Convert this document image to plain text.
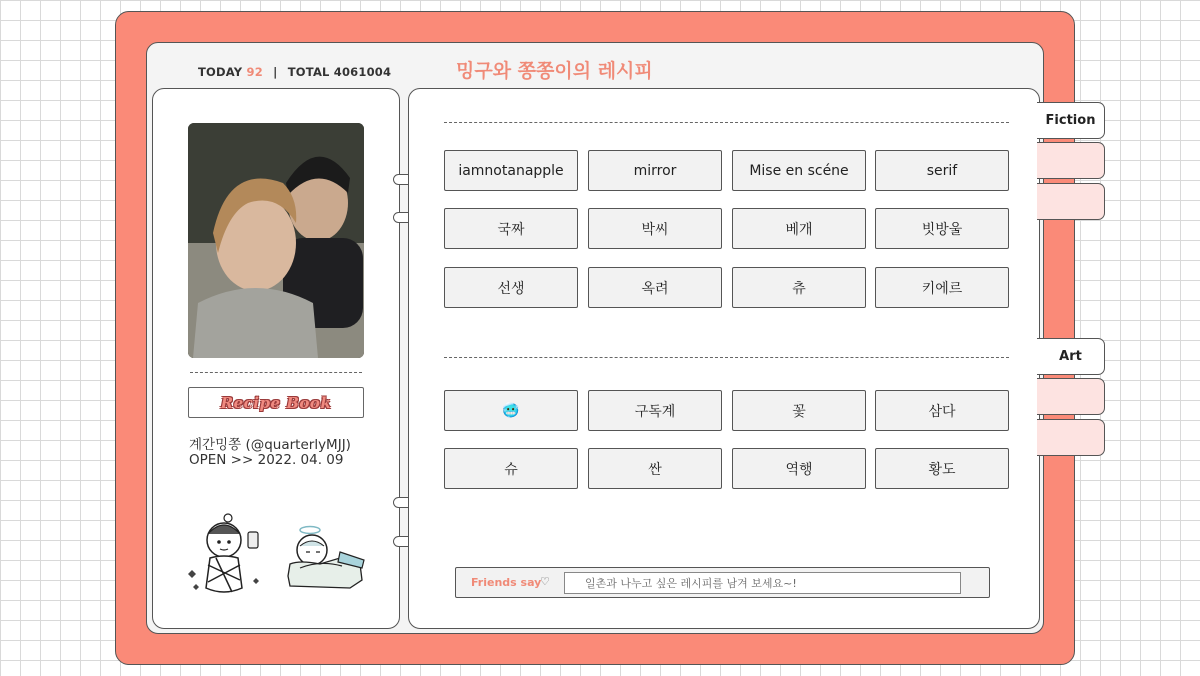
TODAY 92 | TOTAL 4061004	밍구와 쫑쫑이의 레시피
Recipe Book
계간밍쫑 (@quarterlyMJJ)
OPEN >> 2022. 04. 09
iamnotanapple	mirror	Mise en scéne	serif
국짜	박씨	베개	빗방울
선생	옥려	츄	키에르
🥶	구독계	꽃	삼다
슈	싼	역행	황도
Fiction
Art
Friends say
♡
일촌과 나누고 싶은 레시피를 남겨 보세요~!
